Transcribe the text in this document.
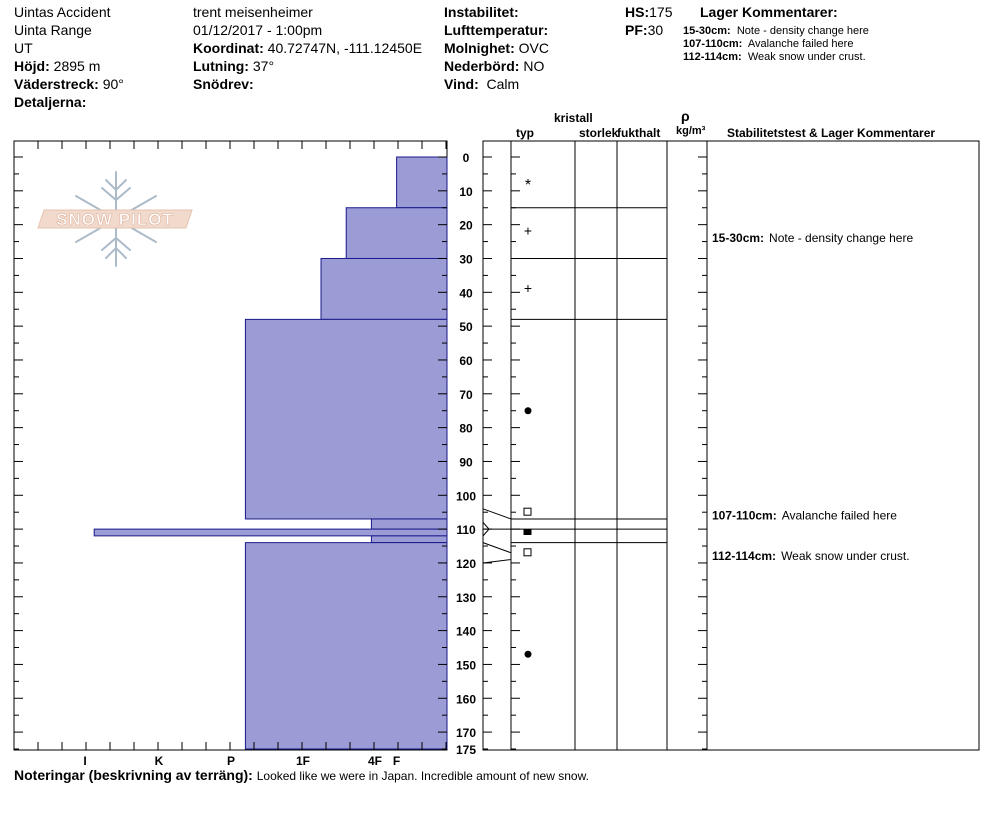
Uintas Accident
Uinta Range
UT
Höjd: 2895 m
Väderstreck: 90°
Detaljerna:
trent meisenheimer
01/12/2017 - 1:00pm
Koordinat: 40.72747N, -111.12450E
Lutning: 37°
Snödrev:
Instabilitet:
Lufttemperatur:
Molnighet: OVC
Nederbörd: NO
Vind: Calm
HS:175
PF:30
Lager Kommentarer:
15-30cm: Note - density change here
107-110cm: Avalanche failed here
112-114cm: Weak snow under crust.
kristall
typ	storlek
fukthalt
ρ
kg/m³ Stabilitetstest & Lager Kommentarer
SNOW PILOT
0
10
20
30
40
50
60
70
80
90
100
110
120
130
140
150
160
170
175
I	K	P	1F	4F F
*
+
+
15-30cm: Note - density change here
107-110cm: Avalanche failed here
112-114cm: Weak snow under crust.
Noteringar (beskrivning av terräng): Looked like we were in Japan. Incredible amount of new snow.
